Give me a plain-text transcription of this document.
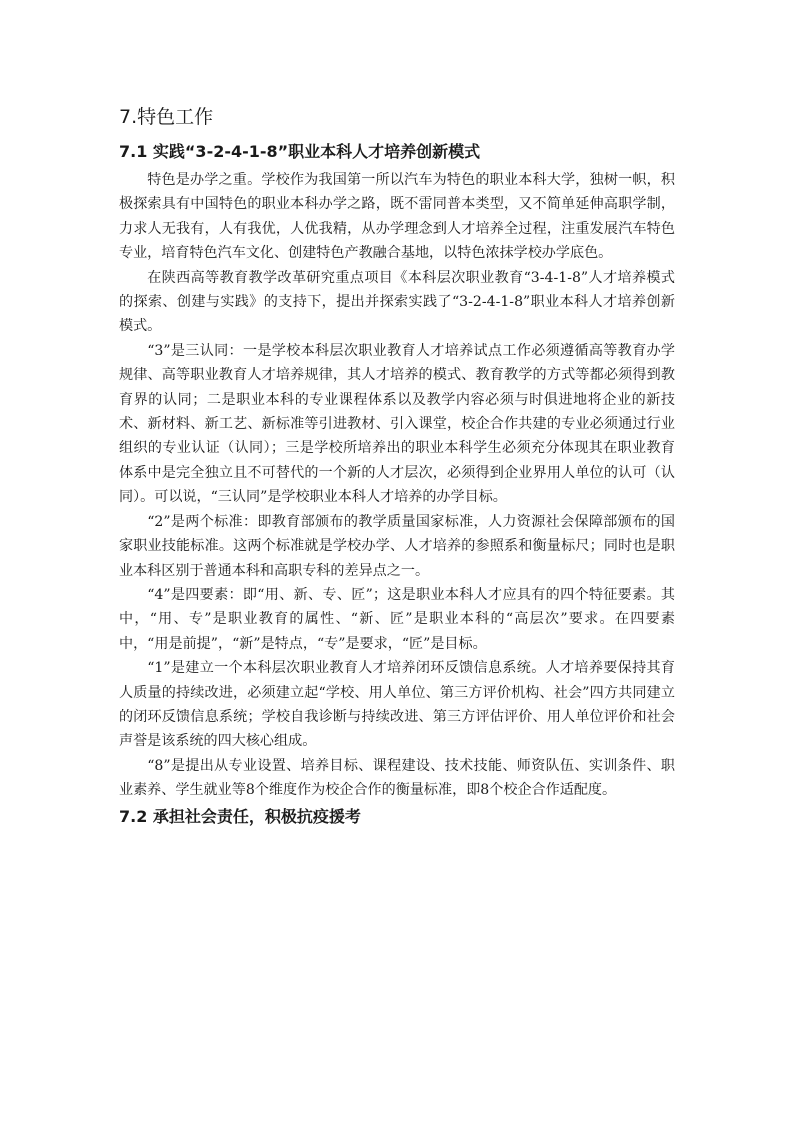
7.特色工作
7.1 实践“3-2-4-1-8”职业本科人才培养创新模式

特色是办学之重。学校作为我国第一所以汽车为特色的职业本科大学，独树一帜，积极探索具有中国特色的职业本科办学之路，既不雷同普本类型，又不简单延伸高职学制，力求人无我有，人有我优，人优我精，从办学理念到人才培养全过程，注重发展汽车特色专业，培育特色汽车文化、创建特色产教融合基地，以特色浓抹学校办学底色。

在陕西高等教育教学改革研究重点项目《本科层次职业教育“3-4-1-8”人才培养模式的探索、创建与实践》的支持下，提出并探索实践了“3-2-4-1-8”职业本科人才培养创新模式。

“3”是三认同：一是学校本科层次职业教育人才培养试点工作必须遵循高等教育办学规律、高等职业教育人才培养规律，其人才培养的模式、教育教学的方式等都必须得到教育界的认同；二是职业本科的专业课程体系以及教学内容必须与时俱进地将企业的新技术、新材料、新工艺、新标准等引进教材、引入课堂，校企合作共建的专业必须通过行业组织的专业认证（认同）；三是学校所培养出的职业本科学生必须充分体现其在职业教育体系中是完全独立且不可替代的一个新的人才层次，必须得到企业界用人单位的认可（认同）。可以说，“三认同”是学校职业本科人才培养的办学目标。

“2”是两个标准：即教育部颁布的教学质量国家标准，人力资源社会保障部颁布的国家职业技能标准。这两个标准就是学校办学、人才培养的参照系和衡量标尺；同时也是职业本科区别于普通本科和高职专科的差异点之一。

“4”是四要素：即“用、新、专、匠”；这是职业本科人才应具有的四个特征要素。其中，“用、专”是职业教育的属性、“新、匠”是职业本科的“高层次”要求。在四要素中，“用是前提”，“新”是特点，“专”是要求，“匠”是目标。

“1”是建立一个本科层次职业教育人才培养闭环反馈信息系统。人才培养要保持其育人质量的持续改进，必须建立起“学校、用人单位、第三方评价机构、社会”四方共同建立的闭环反馈信息系统；学校自我诊断与持续改进、第三方评估评价、用人单位评价和社会声誉是该系统的四大核心组成。

“8”是提出从专业设置、培养目标、课程建设、技术技能、师资队伍、实训条件、职业素养、学生就业等8个维度作为校企合作的衡量标准，即8个校企合作适配度。

7.2 承担社会责任，积极抗疫援考
